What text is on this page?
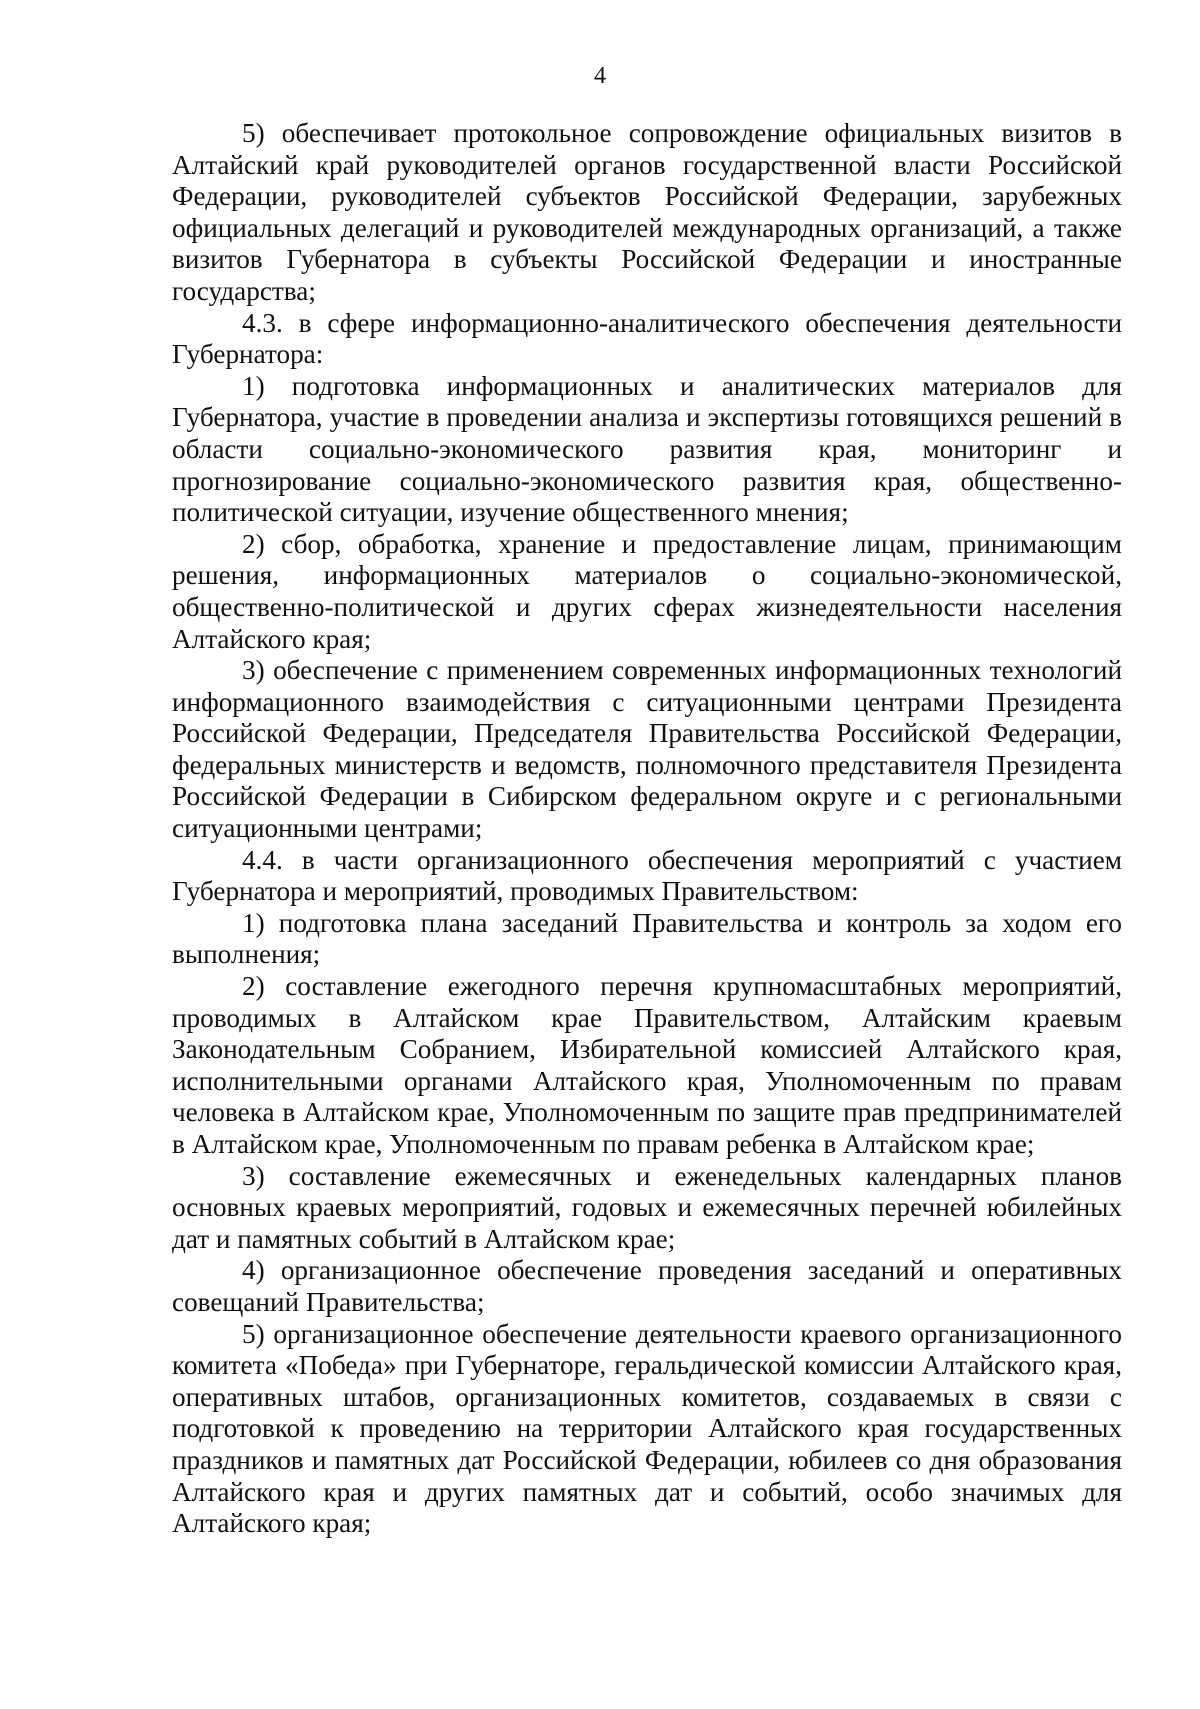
4

5) обеспечивает протокольное сопровождение официальных визитов в Алтайский край руководителей органов государственной власти Российской Федерации, руководителей субъектов Российской Федерации, зарубежных официальных делегаций и руководителей международных организаций, а также визитов Губернатора в субъекты Российской Федерации и иностранные государства;

4.3. в сфере информационно-аналитического обеспечения деятельности Губернатора:

1) подготовка информационных и аналитических материалов для Губернатора, участие в проведении анализа и экспертизы готовящихся решений в области социально-экономического развития края, мониторинг и прогнозирование социально-экономического развития края, общественно-политической ситуации, изучение общественного мнения;

2) сбор, обработка, хранение и предоставление лицам, принимающим решения, информационных материалов о социально-экономической, общественно-политической и других сферах жизнедеятельности населения Алтайского края;

3) обеспечение с применением современных информационных технологий информационного взаимодействия с ситуационными центрами Президента Российской Федерации, Председателя Правительства Российской Федерации, федеральных министерств и ведомств, полномочного представителя Президента Российской Федерации в Сибирском федеральном округе и с региональными ситуационными центрами;

4.4. в части организационного обеспечения мероприятий с участием Губернатора и мероприятий, проводимых Правительством:

1) подготовка плана заседаний Правительства и контроль за ходом его выполнения;

2) составление ежегодного перечня крупномасштабных мероприятий, проводимых в Алтайском крае Правительством, Алтайским краевым Законодательным Собранием, Избирательной комиссией Алтайского края, исполнительными органами Алтайского края, Уполномоченным по правам человека в Алтайском крае, Уполномоченным по защите прав предпринимателей в Алтайском крае, Уполномоченным по правам ребенка в Алтайском крае;

3) составление ежемесячных и еженедельных календарных планов основных краевых мероприятий, годовых и ежемесячных перечней юбилейных дат и памятных событий в Алтайском крае;

4) организационное обеспечение проведения заседаний и оперативных совещаний Правительства;

5) организационное обеспечение деятельности краевого организационного комитета «Победа» при Губернаторе, геральдической комиссии Алтайского края, оперативных штабов, организационных комитетов, создаваемых в связи с подготовкой к проведению на территории Алтайского края государственных праздников и памятных дат Российской Федерации, юбилеев со дня образования Алтайского края и других памятных дат и событий, особо значимых для Алтайского края;
